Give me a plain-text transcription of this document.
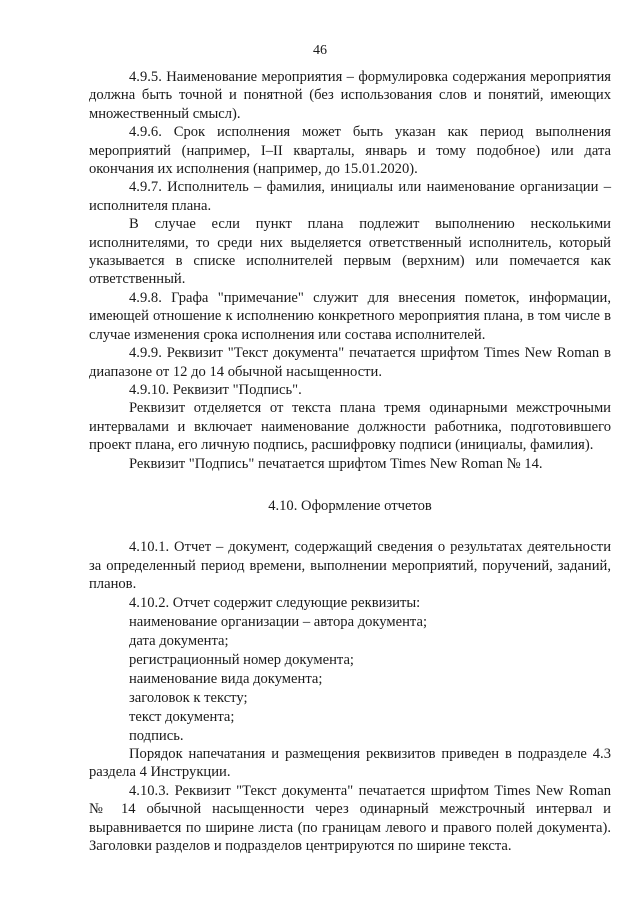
46

4.9.5. Наименование мероприятия – формулировка содержания мероприятия должна быть точной и понятной (без использования слов и понятий, имеющих множественный смысл).

4.9.6. Срок исполнения может быть указан как период выполнения мероприятий (например, I–II кварталы, январь и тому подобное) или дата окончания их исполнения (например, до 15.01.2020).

4.9.7. Исполнитель – фамилия, инициалы или наименование организации – исполнителя плана.

В случае если пункт плана подлежит выполнению несколькими исполнителями, то среди них выделяется ответственный исполнитель, который указывается в списке исполнителей первым (верхним) или помечается как ответственный.

4.9.8. Графа "примечание" служит для внесения пометок, информации, имеющей отношение к исполнению конкретного мероприятия плана, в том числе в случае изменения срока исполнения или состава исполнителей.

4.9.9. Реквизит "Текст документа" печатается шрифтом Times New Roman в диапазоне от 12 до 14 обычной насыщенности.

4.9.10. Реквизит "Подпись".

Реквизит отделяется от текста плана тремя одинарными межстрочными интервалами и включает наименование должности работника, подготовившего проект плана, его личную подпись, расшифровку подписи (инициалы, фамилия).

Реквизит "Подпись" печатается шрифтом Times New Roman № 14.

4.10. Оформление отчетов

4.10.1. Отчет – документ, содержащий сведения о результатах деятельности за определенный период времени, выполнении мероприятий, поручений, заданий, планов.

4.10.2. Отчет содержит следующие реквизиты:

наименование организации – автора документа;

дата документа;

регистрационный номер документа;

наименование вида документа;

заголовок к тексту;

текст документа;

подпись.

Порядок напечатания и размещения реквизитов приведен в подразделе 4.3 раздела 4 Инструкции.

4.10.3. Реквизит "Текст документа" печатается шрифтом Times New Roman № 14 обычной насыщенности через одинарный межстрочный интервал и выравнивается по ширине листа (по границам левого и правого полей документа). Заголовки разделов и подразделов центрируются по ширине текста.
